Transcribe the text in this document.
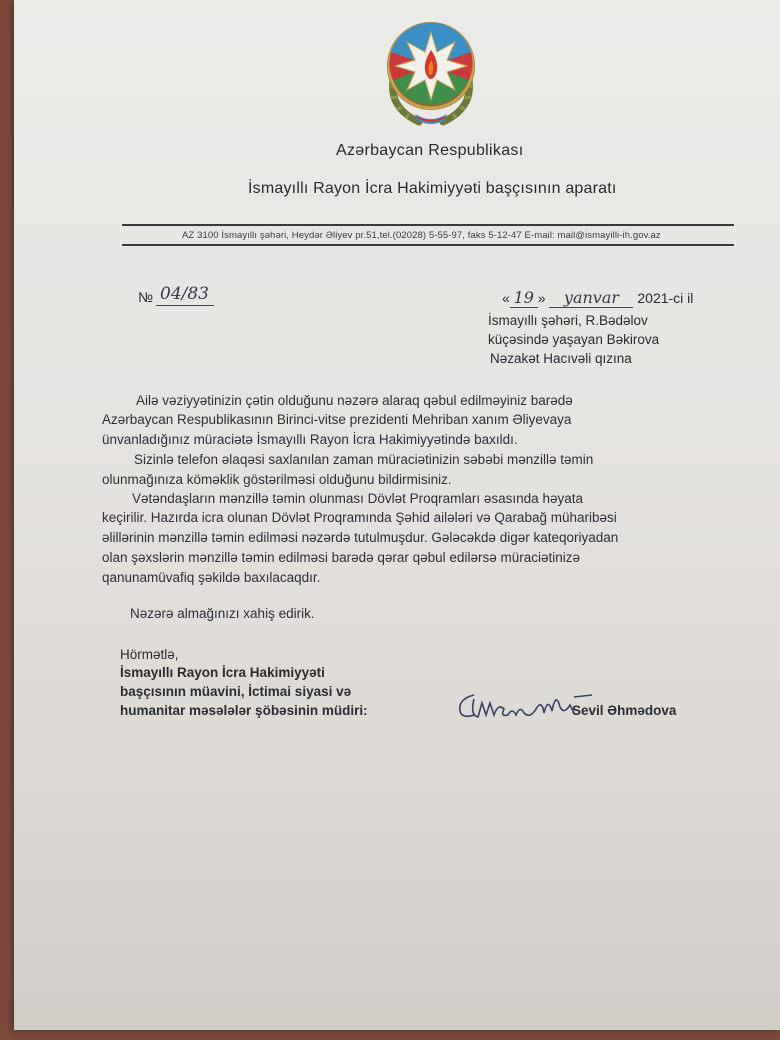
Azərbaycan Respublikası
İsmayıllı Rayon İcra Hakimiyyəti başçısının aparatı
AZ 3100 İsmayıllı şəhəri, Heydər Əliyev pr.51,tel.(02028) 5-55-97, faks 5-12-47 E-mail: mail@ismayilli-ih.gov.az
№ 04/83	« 19 » yanvar 2021-ci il
İsmayıllı şəhəri, R.Bədəlov
küçəsində yaşayan Bəkirova
Nəzakət Hacıvəli qızına
Ailə vəziyyətinizin çətin olduğunu nəzərə alaraq qəbul edilməyiniz barədə
Azərbaycan Respublikasının Birinci-vitse prezidenti Mehriban xanım Əliyevaya
ünvanladığınız müraciətə İsmayıllı Rayon İcra Hakimiyyətində baxıldı.
Sizinlə telefon əlaqəsi saxlanılan zaman müraciətinizin səbəbi mənzillə təmin
olunmağınıza köməklik göstərilməsi olduğunu bildirmisiniz.
Vətəndaşların mənzillə təmin olunması Dövlət Proqramları əsasında həyata
keçirilir. Hazırda icra olunan Dövlət Proqramında Şəhid ailələri və Qarabağ müharibəsi
əlillərinin mənzillə təmin edilməsi nəzərdə tutulmuşdur. Gələcəkdə digər kateqoriyadan
olan şəxslərin mənzillə təmin edilməsi barədə qərar qəbul edilərsə müraciətinizə
qanunamüvafiq şəkildə baxılacaqdır.
Nəzərə almağınızı xahiş edirik.
Hörmətlə,
İsmayıllı Rayon İcra Hakimiyyəti
başçısının müavini, İctimai siyasi və
humanitar məsələlər şöbəsinin müdiri:	Sevil Əhmədova
